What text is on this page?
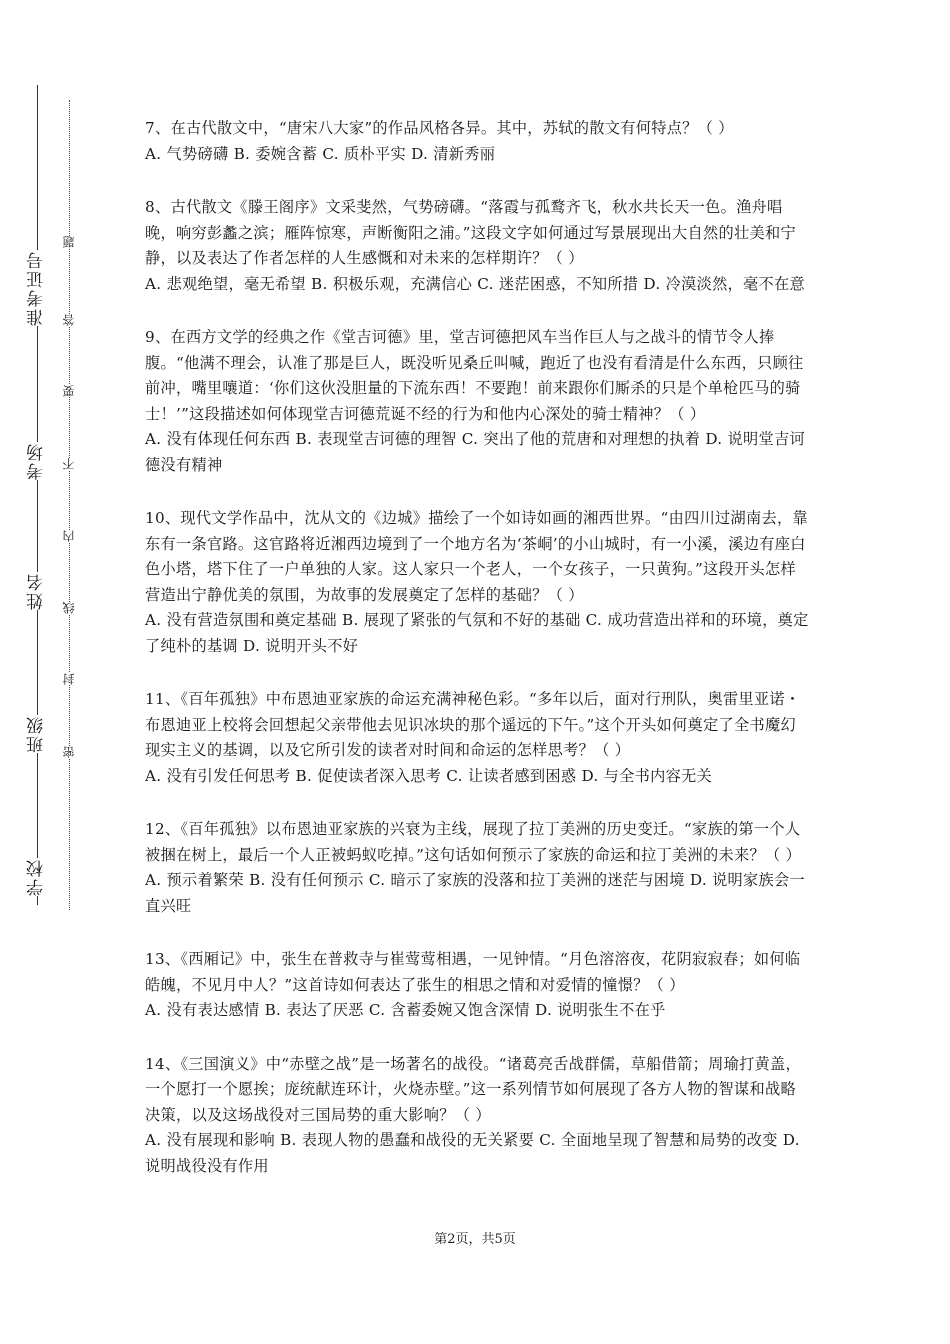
准考证号
考场
姓名
班级
学校
题
答
要
不
内
线
封
密

7、在古代散文中，“唐宋八大家”的作品风格各异。其中，苏轼的散文有何特点？（ ）

A. 气势磅礴 B. 委婉含蓄 C. 质朴平实 D. 清新秀丽

8、古代散文《滕王阁序》文采斐然，气势磅礴。“落霞与孤鹜齐飞，秋水共长天一色。渔舟唱晚，响穷彭蠡之滨；雁阵惊寒，声断衡阳之浦。”这段文字如何通过写景展现出大自然的壮美和宁静，以及表达了作者怎样的人生感慨和对未来的怎样期许？（ ）

A. 悲观绝望，毫无希望 B. 积极乐观，充满信心 C. 迷茫困惑，不知所措 D. 冷漠淡然，毫不在意

9、在西方文学的经典之作《堂吉诃德》里，堂吉诃德把风车当作巨人与之战斗的情节令人捧腹。“他满不理会，认准了那是巨人，既没听见桑丘叫喊，跑近了也没有看清是什么东西，只顾往前冲，嘴里嚷道：‘你们这伙没胆量的下流东西！不要跑！前来跟你们厮杀的只是个单枪匹马的骑士！’”这段描述如何体现堂吉诃德荒诞不经的行为和他内心深处的骑士精神？（ ）

A. 没有体现任何东西 B. 表现堂吉诃德的理智 C. 突出了他的荒唐和对理想的执着 D. 说明堂吉诃德没有精神

10、现代文学作品中，沈从文的《边城》描绘了一个如诗如画的湘西世界。“由四川过湖南去，靠东有一条官路。这官路将近湘西边境到了一个地方名为‘茶峒’的小山城时，有一小溪，溪边有座白色小塔，塔下住了一户单独的人家。这人家只一个老人，一个女孩子，一只黄狗。”这段开头怎样营造出宁静优美的氛围，为故事的发展奠定了怎样的基础？（ ）

A. 没有营造氛围和奠定基础 B. 展现了紧张的气氛和不好的基础 C. 成功营造出祥和的环境，奠定了纯朴的基调 D. 说明开头不好

11、《百年孤独》中布恩迪亚家族的命运充满神秘色彩。“多年以后，面对行刑队，奥雷里亚诺・布恩迪亚上校将会回想起父亲带他去见识冰块的那个遥远的下午。”这个开头如何奠定了全书魔幻现实主义的基调，以及它所引发的读者对时间和命运的怎样思考？（ ）

A. 没有引发任何思考 B. 促使读者深入思考 C. 让读者感到困惑 D. 与全书内容无关

12、《百年孤独》以布恩迪亚家族的兴衰为主线，展现了拉丁美洲的历史变迁。“家族的第一个人被捆在树上，最后一个人正被蚂蚁吃掉。”这句话如何预示了家族的命运和拉丁美洲的未来？（ ）

A. 预示着繁荣 B. 没有任何预示 C. 暗示了家族的没落和拉丁美洲的迷茫与困境 D. 说明家族会一直兴旺

13、《西厢记》中，张生在普救寺与崔莺莺相遇，一见钟情。“月色溶溶夜，花阴寂寂春；如何临皓魄，不见月中人？”这首诗如何表达了张生的相思之情和对爱情的憧憬？（ ）

A. 没有表达感情 B. 表达了厌恶 C. 含蓄委婉又饱含深情 D. 说明张生不在乎

14、《三国演义》中“赤壁之战”是一场著名的战役。“诸葛亮舌战群儒，草船借箭；周瑜打黄盖，一个愿打一个愿挨；庞统献连环计，火烧赤壁。”这一系列情节如何展现了各方人物的智谋和战略决策，以及这场战役对三国局势的重大影响？（ ）

A. 没有展现和影响 B. 表现人物的愚蠢和战役的无关紧要 C. 全面地呈现了智慧和局势的改变 D. 说明战役没有作用

第2页，共5页
